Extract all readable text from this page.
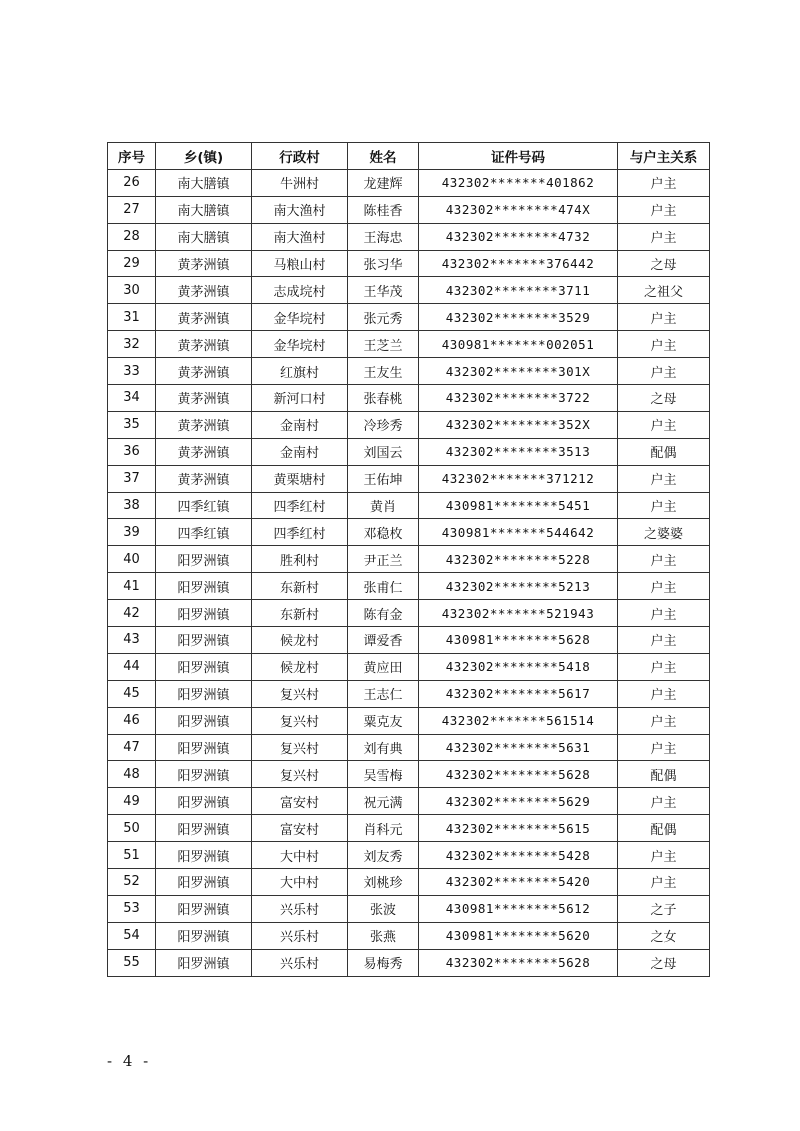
序号	乡(镇)	行政村	姓名	证件号码	与户主关系
26	南大膳镇	牛洲村	龙建辉	432302*******401862	户主
27	南大膳镇	南大渔村	陈桂香	432302********474X	户主
28	南大膳镇	南大渔村	王海忠	432302********4732	户主
29	黄茅洲镇	马粮山村	张习华	432302*******376442	之母
30	黄茅洲镇	志成垸村	王华茂	432302********3711	之祖父
31	黄茅洲镇	金华垸村	张元秀	432302********3529	户主
32	黄茅洲镇	金华垸村	王芝兰	430981*******002051	户主
33	黄茅洲镇	红旗村	王友生	432302********301X	户主
34	黄茅洲镇	新河口村	张春桃	432302********3722	之母
35	黄茅洲镇	金南村	冷珍秀	432302********352X	户主
36	黄茅洲镇	金南村	刘国云	432302********3513	配偶
37	黄茅洲镇	黄栗塘村	王佑坤	432302*******371212	户主
38	四季红镇	四季红村	黄肖	430981********5451	户主
39	四季红镇	四季红村	邓稳枚	430981*******544642	之婆婆
40	阳罗洲镇	胜利村	尹正兰	432302********5228	户主
41	阳罗洲镇	东新村	张甫仁	432302********5213	户主
42	阳罗洲镇	东新村	陈有金	432302*******521943	户主
43	阳罗洲镇	候龙村	谭爱香	430981********5628	户主
44	阳罗洲镇	候龙村	黄应田	432302********5418	户主
45	阳罗洲镇	复兴村	王志仁	432302********5617	户主
46	阳罗洲镇	复兴村	粟克友	432302*******561514	户主
47	阳罗洲镇	复兴村	刘有典	432302********5631	户主
48	阳罗洲镇	复兴村	吴雪梅	432302********5628	配偶
49	阳罗洲镇	富安村	祝元满	432302********5629	户主
50	阳罗洲镇	富安村	肖科元	432302********5615	配偶
51	阳罗洲镇	大中村	刘友秀	432302********5428	户主
52	阳罗洲镇	大中村	刘桃珍	432302********5420	户主
53	阳罗洲镇	兴乐村	张波	430981********5612	之子
54	阳罗洲镇	兴乐村	张燕	430981********5620	之女
55	阳罗洲镇	兴乐村	易梅秀	432302********5628	之母
- 4 -
